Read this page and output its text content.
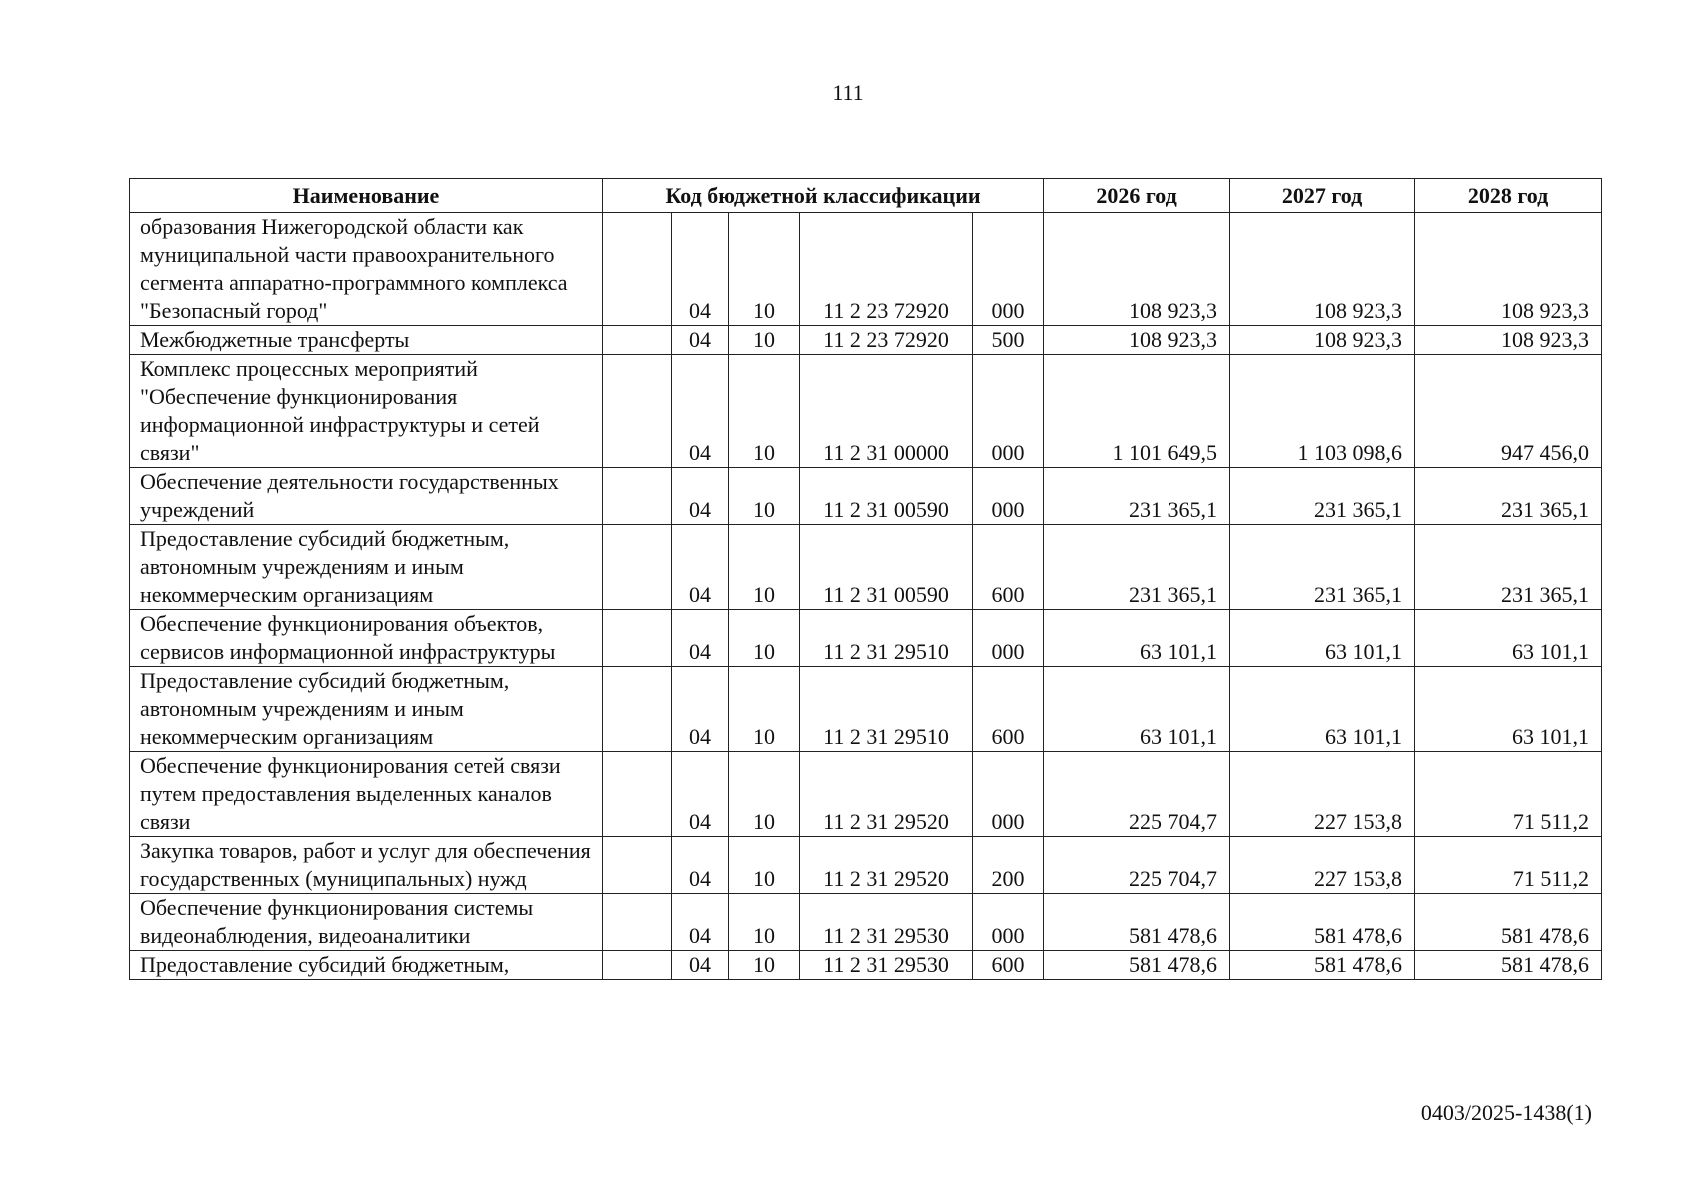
111
Наименование	Код бюджетной классификации					2026 год	2027 год	2028 год
образования Нижегородской области как муниципальной части правоохранительного сегмента аппаратно-программного комплекса "Безопасный город"		04	10	11 2 23 72920	000	108 923,3	108 923,3	108 923,3
Межбюджетные трансферты		04	10	11 2 23 72920	500	108 923,3	108 923,3	108 923,3
Комплекс процессных мероприятий "Обеспечение функционирования информационной инфраструктуры и сетей связи"		04	10	11 2 31 00000	000	1 101 649,5	1 103 098,6	947 456,0
Обеспечение деятельности государственных учреждений		04	10	11 2 31 00590	000	231 365,1	231 365,1	231 365,1
Предоставление субсидий бюджетным, автономным учреждениям и иным некоммерческим организациям		04	10	11 2 31 00590	600	231 365,1	231 365,1	231 365,1
Обеспечение функционирования объектов, сервисов информационной инфраструктуры		04	10	11 2 31 29510	000	63 101,1	63 101,1	63 101,1
Предоставление субсидий бюджетным, автономным учреждениям и иным некоммерческим организациям		04	10	11 2 31 29510	600	63 101,1	63 101,1	63 101,1
Обеспечение функционирования сетей связи путем предоставления выделенных каналов связи		04	10	11 2 31 29520	000	225 704,7	227 153,8	71 511,2
Закупка товаров, работ и услуг для обеспечения государственных (муниципальных) нужд		04	10	11 2 31 29520	200	225 704,7	227 153,8	71 511,2
Обеспечение функционирования системы видеонаблюдения, видеоаналитики		04	10	11 2 31 29530	000	581 478,6	581 478,6	581 478,6
Предоставление субсидий бюджетным,		04	10	11 2 31 29530	600	581 478,6	581 478,6	581 478,6
0403/2025-1438(1)
